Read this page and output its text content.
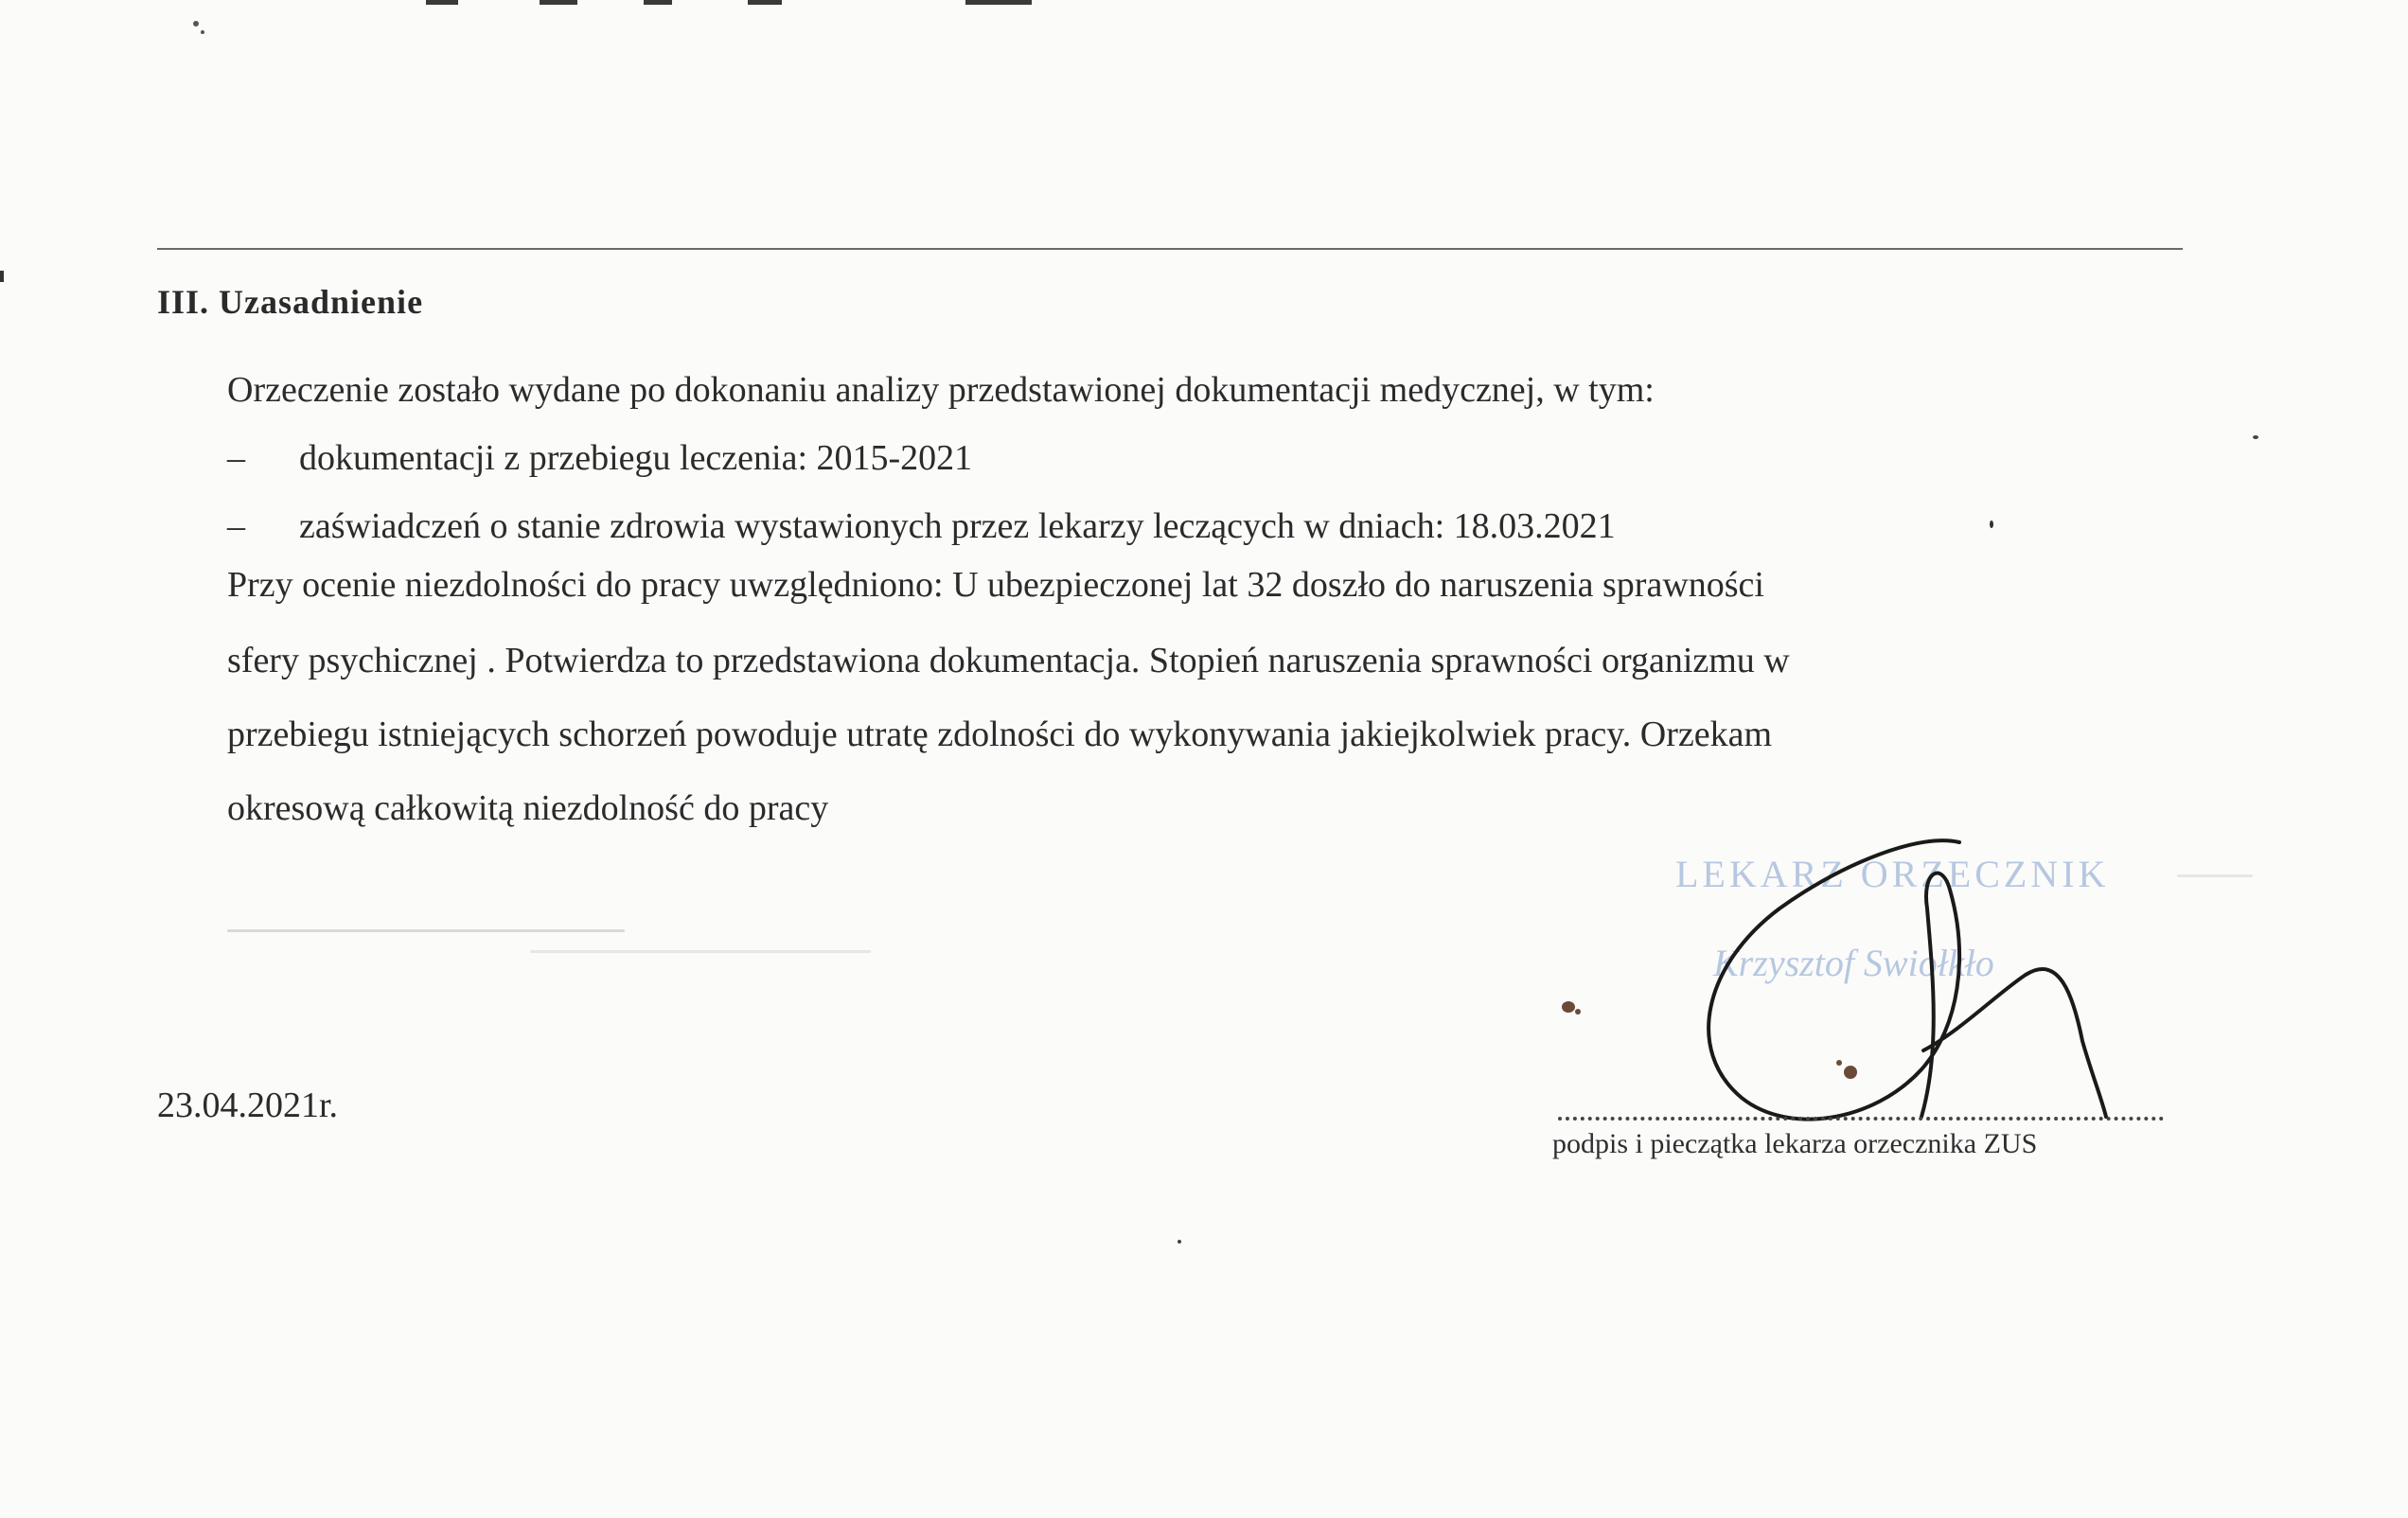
III. Uzasadnienie
Orzeczenie zostało wydane po dokonaniu analizy przedstawionej dokumentacji medycznej, w tym:
– dokumentacji z przebiegu leczenia: 2015-2021
– zaświadczeń o stanie zdrowia wystawionych przez lekarzy leczących w dniach: 18.03.2021
Przy ocenie niezdolności do pracy uwzględniono: U ubezpieczonej lat 32 doszło do naruszenia sprawności
sfery psychicznej . Potwierdza to przedstawiona dokumentacja. Stopień naruszenia sprawności organizmu w
przebiegu istniejących schorzeń powoduje utratę zdolności do wykonywania jakiejkolwiek pracy. Orzekam
okresową całkowitą niezdolność do pracy
LEKARZ ORZECZNIK
Krzysztof Swiołkło
podpis i pieczątka lekarza orzecznika ZUS
23.04.2021r.
